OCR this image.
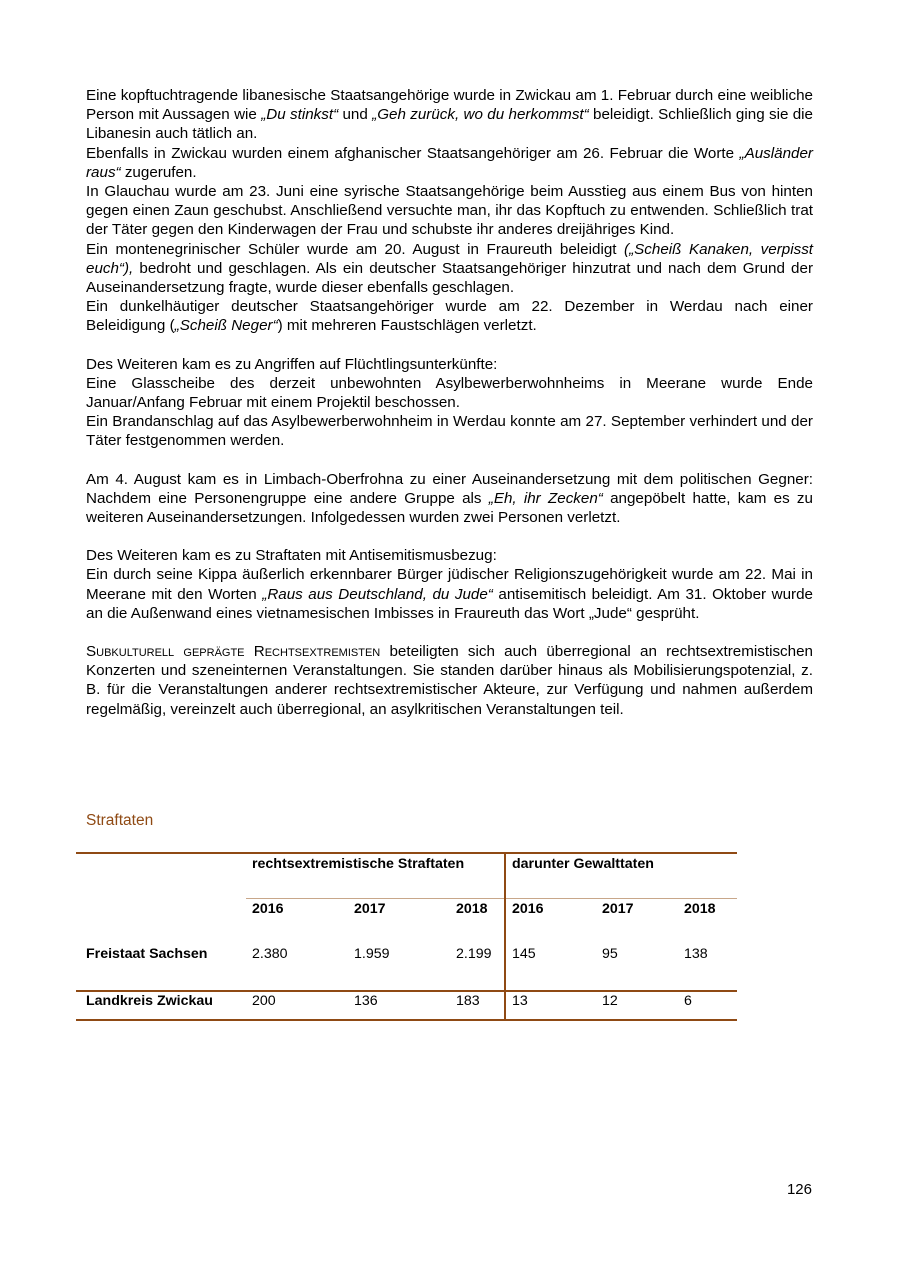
Eine kopftuchtragende libanesische Staatsangehörige wurde in Zwickau am 1. Februar durch eine weibliche Person mit Aussagen wie „Du stinkst“ und „Geh zurück, wo du herkommst“ beleidigt. Schließlich ging sie die Libanesin auch tätlich an.

Ebenfalls in Zwickau wurden einem afghanischer Staatsangehöriger am 26. Februar die Worte „Ausländer raus“ zugerufen.

In Glauchau wurde am 23. Juni eine syrische Staatsangehörige beim Ausstieg aus einem Bus von hinten gegen einen Zaun geschubst. Anschließend versuchte man, ihr das Kopftuch zu entwenden. Schließlich trat der Täter gegen den Kinderwagen der Frau und schubste ihr anderes dreijähriges Kind.

Ein montenegrinischer Schüler wurde am 20. August in Fraureuth beleidigt („Scheiß Kanaken, verpisst euch“), bedroht und geschlagen. Als ein deutscher Staatsangehöriger hinzutrat und nach dem Grund der Auseinandersetzung fragte, wurde dieser ebenfalls geschlagen.

Ein dunkelhäutiger deutscher Staatsangehöriger wurde am 22. Dezember in Werdau nach einer Beleidigung („Scheiß Neger“) mit mehreren Faustschlägen verletzt.

Des Weiteren kam es zu Angriffen auf Flüchtlingsunterkünfte:

Eine Glasscheibe des derzeit unbewohnten Asylbewerberwohnheims in Meerane wurde Ende Januar/Anfang Februar mit einem Projektil beschossen.

Ein Brandanschlag auf das Asylbewerberwohnheim in Werdau konnte am 27. September verhindert und der Täter festgenommen werden.

Am 4. August kam es in Limbach-Oberfrohna zu einer Auseinandersetzung mit dem politischen Gegner: Nachdem eine Personengruppe eine andere Gruppe als „Eh, ihr Zecken“ angepöbelt hatte, kam es zu weiteren Auseinandersetzungen. Infolgedessen wurden zwei Personen verletzt.

Des Weiteren kam es zu Straftaten mit Antisemitismusbezug:

Ein durch seine Kippa äußerlich erkennbarer Bürger jüdischer Religionszugehörigkeit wurde am 22. Mai in Meerane mit den Worten „Raus aus Deutschland, du Jude“ antisemitisch beleidigt. Am 31. Oktober wurde an die Außenwand eines vietnamesischen Imbisses in Fraureuth das Wort „Jude“ gesprüht.

Subkulturell geprägte Rechtsextremisten beteiligten sich auch überregional an rechtsextremistischen Konzerten und szeneinternen Veranstaltungen. Sie standen darüber hinaus als Mobilisierungspotenzial, z. B. für die Veranstaltungen anderer rechtsextremistischer Akteure, zur Verfügung und nahmen außerdem regelmäßig, vereinzelt auch überregional, an asylkritischen Veranstaltungen teil.

Straftaten
	rechtsextremistische Straftaten			darunter Gewalttaten		
	2016	2017	2018	2016	2017	2018
Freistaat Sachsen	2.380	1.959	2.199	145	95	138
Landkreis Zwickau	200	136	183	13	12	6
126
